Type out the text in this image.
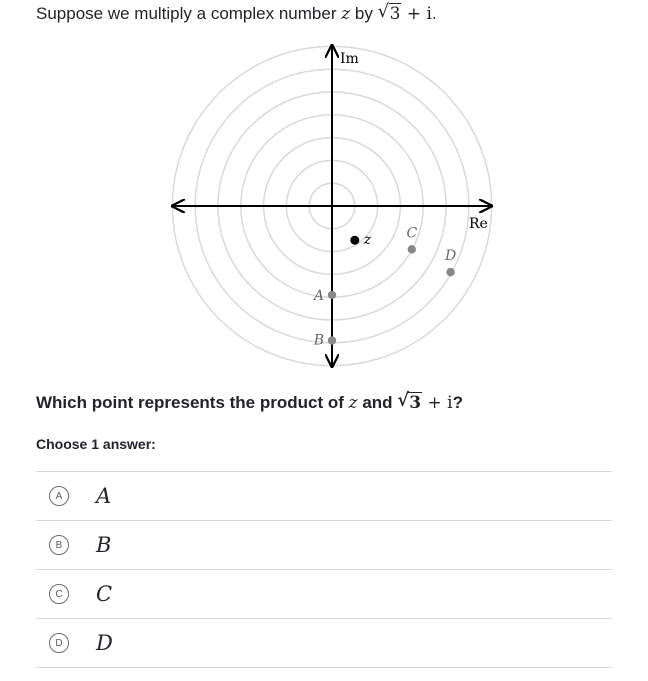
Suppose we multiply a complex number z by √ 3 + i.
Im
Re
z	C
D
A
B
Which point represents the product of z and √ 3 + i?
Choose 1 answer:
A	A
B	B
C	C
D	D
